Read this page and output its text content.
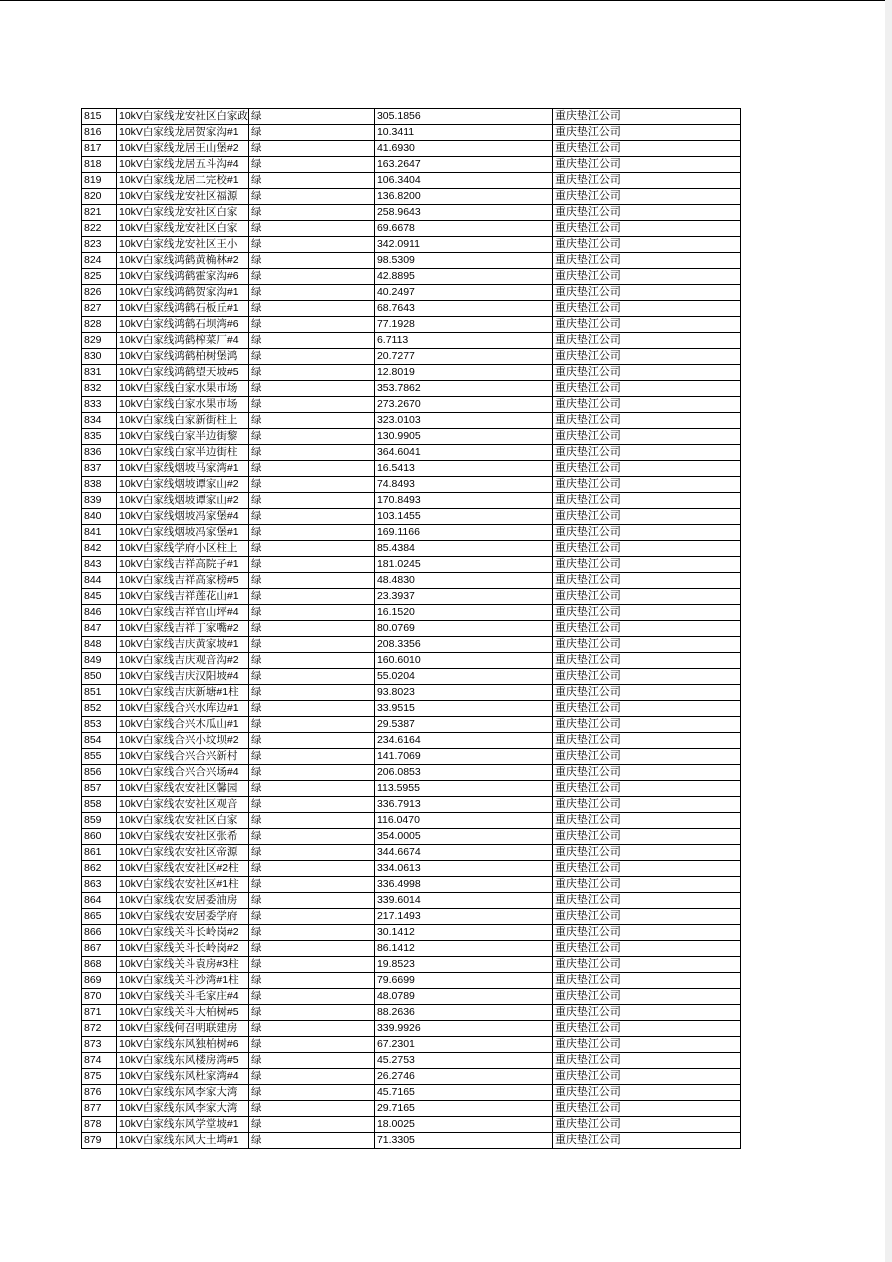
815	10kV白家线龙安社区白家政	绿	305.1856	重庆垫江公司
816	10kV白家线龙居贺家沟#1	绿	10.3411	重庆垫江公司
817	10kV白家线龙居王山堡#2	绿	41.6930	重庆垫江公司
818	10kV白家线龙居五斗沟#4	绿	163.2647	重庆垫江公司
819	10kV白家线龙居二完校#1	绿	106.3404	重庆垫江公司
820	10kV白家线龙安社区福源	绿	136.8200	重庆垫江公司
821	10kV白家线龙安社区白家	绿	258.9643	重庆垫江公司
822	10kV白家线龙安社区白家	绿	69.6678	重庆垫江公司
823	10kV白家线龙安社区王小	绿	342.0911	重庆垫江公司
824	10kV白家线鸿鹤黄桷林#2	绿	98.5309	重庆垫江公司
825	10kV白家线鸿鹤霍家沟#6	绿	42.8895	重庆垫江公司
826	10kV白家线鸿鹤贺家沟#1	绿	40.2497	重庆垫江公司
827	10kV白家线鸿鹤石板丘#1	绿	68.7643	重庆垫江公司
828	10kV白家线鸿鹤石坝湾#6	绿	77.1928	重庆垫江公司
829	10kV白家线鸿鹤榨菜厂#4	绿	6.7113	重庆垫江公司
830	10kV白家线鸿鹤柏树堡鸿	绿	20.7277	重庆垫江公司
831	10kV白家线鸿鹤望天坡#5	绿	12.8019	重庆垫江公司
832	10kV白家线白家水果市场	绿	353.7862	重庆垫江公司
833	10kV白家线白家水果市场	绿	273.2670	重庆垫江公司
834	10kV白家线白家新街柱上	绿	323.0103	重庆垫江公司
835	10kV白家线白家半边街黎	绿	130.9905	重庆垫江公司
836	10kV白家线白家半边街柱	绿	364.6041	重庆垫江公司
837	10kV白家线烟坡马家湾#1	绿	16.5413	重庆垫江公司
838	10kV白家线烟坡谭家山#2	绿	74.8493	重庆垫江公司
839	10kV白家线烟坡谭家山#2	绿	170.8493	重庆垫江公司
840	10kV白家线烟坡冯家堡#4	绿	103.1455	重庆垫江公司
841	10kV白家线烟坡冯家堡#1	绿	169.1166	重庆垫江公司
842	10kV白家线学府小区柱上	绿	85.4384	重庆垫江公司
843	10kV白家线吉祥高院子#1	绿	181.0245	重庆垫江公司
844	10kV白家线吉祥高家榜#5	绿	48.4830	重庆垫江公司
845	10kV白家线吉祥莲花山#1	绿	23.3937	重庆垫江公司
846	10kV白家线吉祥官山坪#4	绿	16.1520	重庆垫江公司
847	10kV白家线吉祥丁家嘴#2	绿	80.0769	重庆垫江公司
848	10kV白家线吉庆黄家坡#1	绿	208.3356	重庆垫江公司
849	10kV白家线吉庆观音沟#2	绿	160.6010	重庆垫江公司
850	10kV白家线吉庆汉阳坡#4	绿	55.0204	重庆垫江公司
851	10kV白家线吉庆新塘#1柱	绿	93.8023	重庆垫江公司
852	10kV白家线合兴水库边#1	绿	33.9515	重庆垫江公司
853	10kV白家线合兴木瓜山#1	绿	29.5387	重庆垫江公司
854	10kV白家线合兴小坟坝#2	绿	234.6164	重庆垫江公司
855	10kV白家线合兴合兴新村	绿	141.7069	重庆垫江公司
856	10kV白家线合兴合兴场#4	绿	206.0853	重庆垫江公司
857	10kV白家线农安社区馨园	绿	113.5955	重庆垫江公司
858	10kV白家线农安社区观音	绿	336.7913	重庆垫江公司
859	10kV白家线农安社区白家	绿	116.0470	重庆垫江公司
860	10kV白家线农安社区张希	绿	354.0005	重庆垫江公司
861	10kV白家线农安社区帝源	绿	344.6674	重庆垫江公司
862	10kV白家线农安社区#2柱	绿	334.0613	重庆垫江公司
863	10kV白家线农安社区#1柱	绿	336.4998	重庆垫江公司
864	10kV白家线农安居委油房	绿	339.6014	重庆垫江公司
865	10kV白家线农安居委学府	绿	217.1493	重庆垫江公司
866	10kV白家线关斗长岭岗#2	绿	30.1412	重庆垫江公司
867	10kV白家线关斗长岭岗#2	绿	86.1412	重庆垫江公司
868	10kV白家线关斗袁房#3柱	绿	19.8523	重庆垫江公司
869	10kV白家线关斗沙湾#1柱	绿	79.6699	重庆垫江公司
870	10kV白家线关斗毛家庄#4	绿	48.0789	重庆垫江公司
871	10kV白家线关斗大柏树#5	绿	88.2636	重庆垫江公司
872	10kV白家线何召明联建房	绿	339.9926	重庆垫江公司
873	10kV白家线东风独柏树#6	绿	67.2301	重庆垫江公司
874	10kV白家线东风楼房湾#5	绿	45.2753	重庆垫江公司
875	10kV白家线东风杜家湾#4	绿	26.2746	重庆垫江公司
876	10kV白家线东风李家大湾	绿	45.7165	重庆垫江公司
877	10kV白家线东风李家大湾	绿	29.7165	重庆垫江公司
878	10kV白家线东风学堂坡#1	绿	18.0025	重庆垫江公司
879	10kV白家线东风大土塆#1	绿	71.3305	重庆垫江公司
